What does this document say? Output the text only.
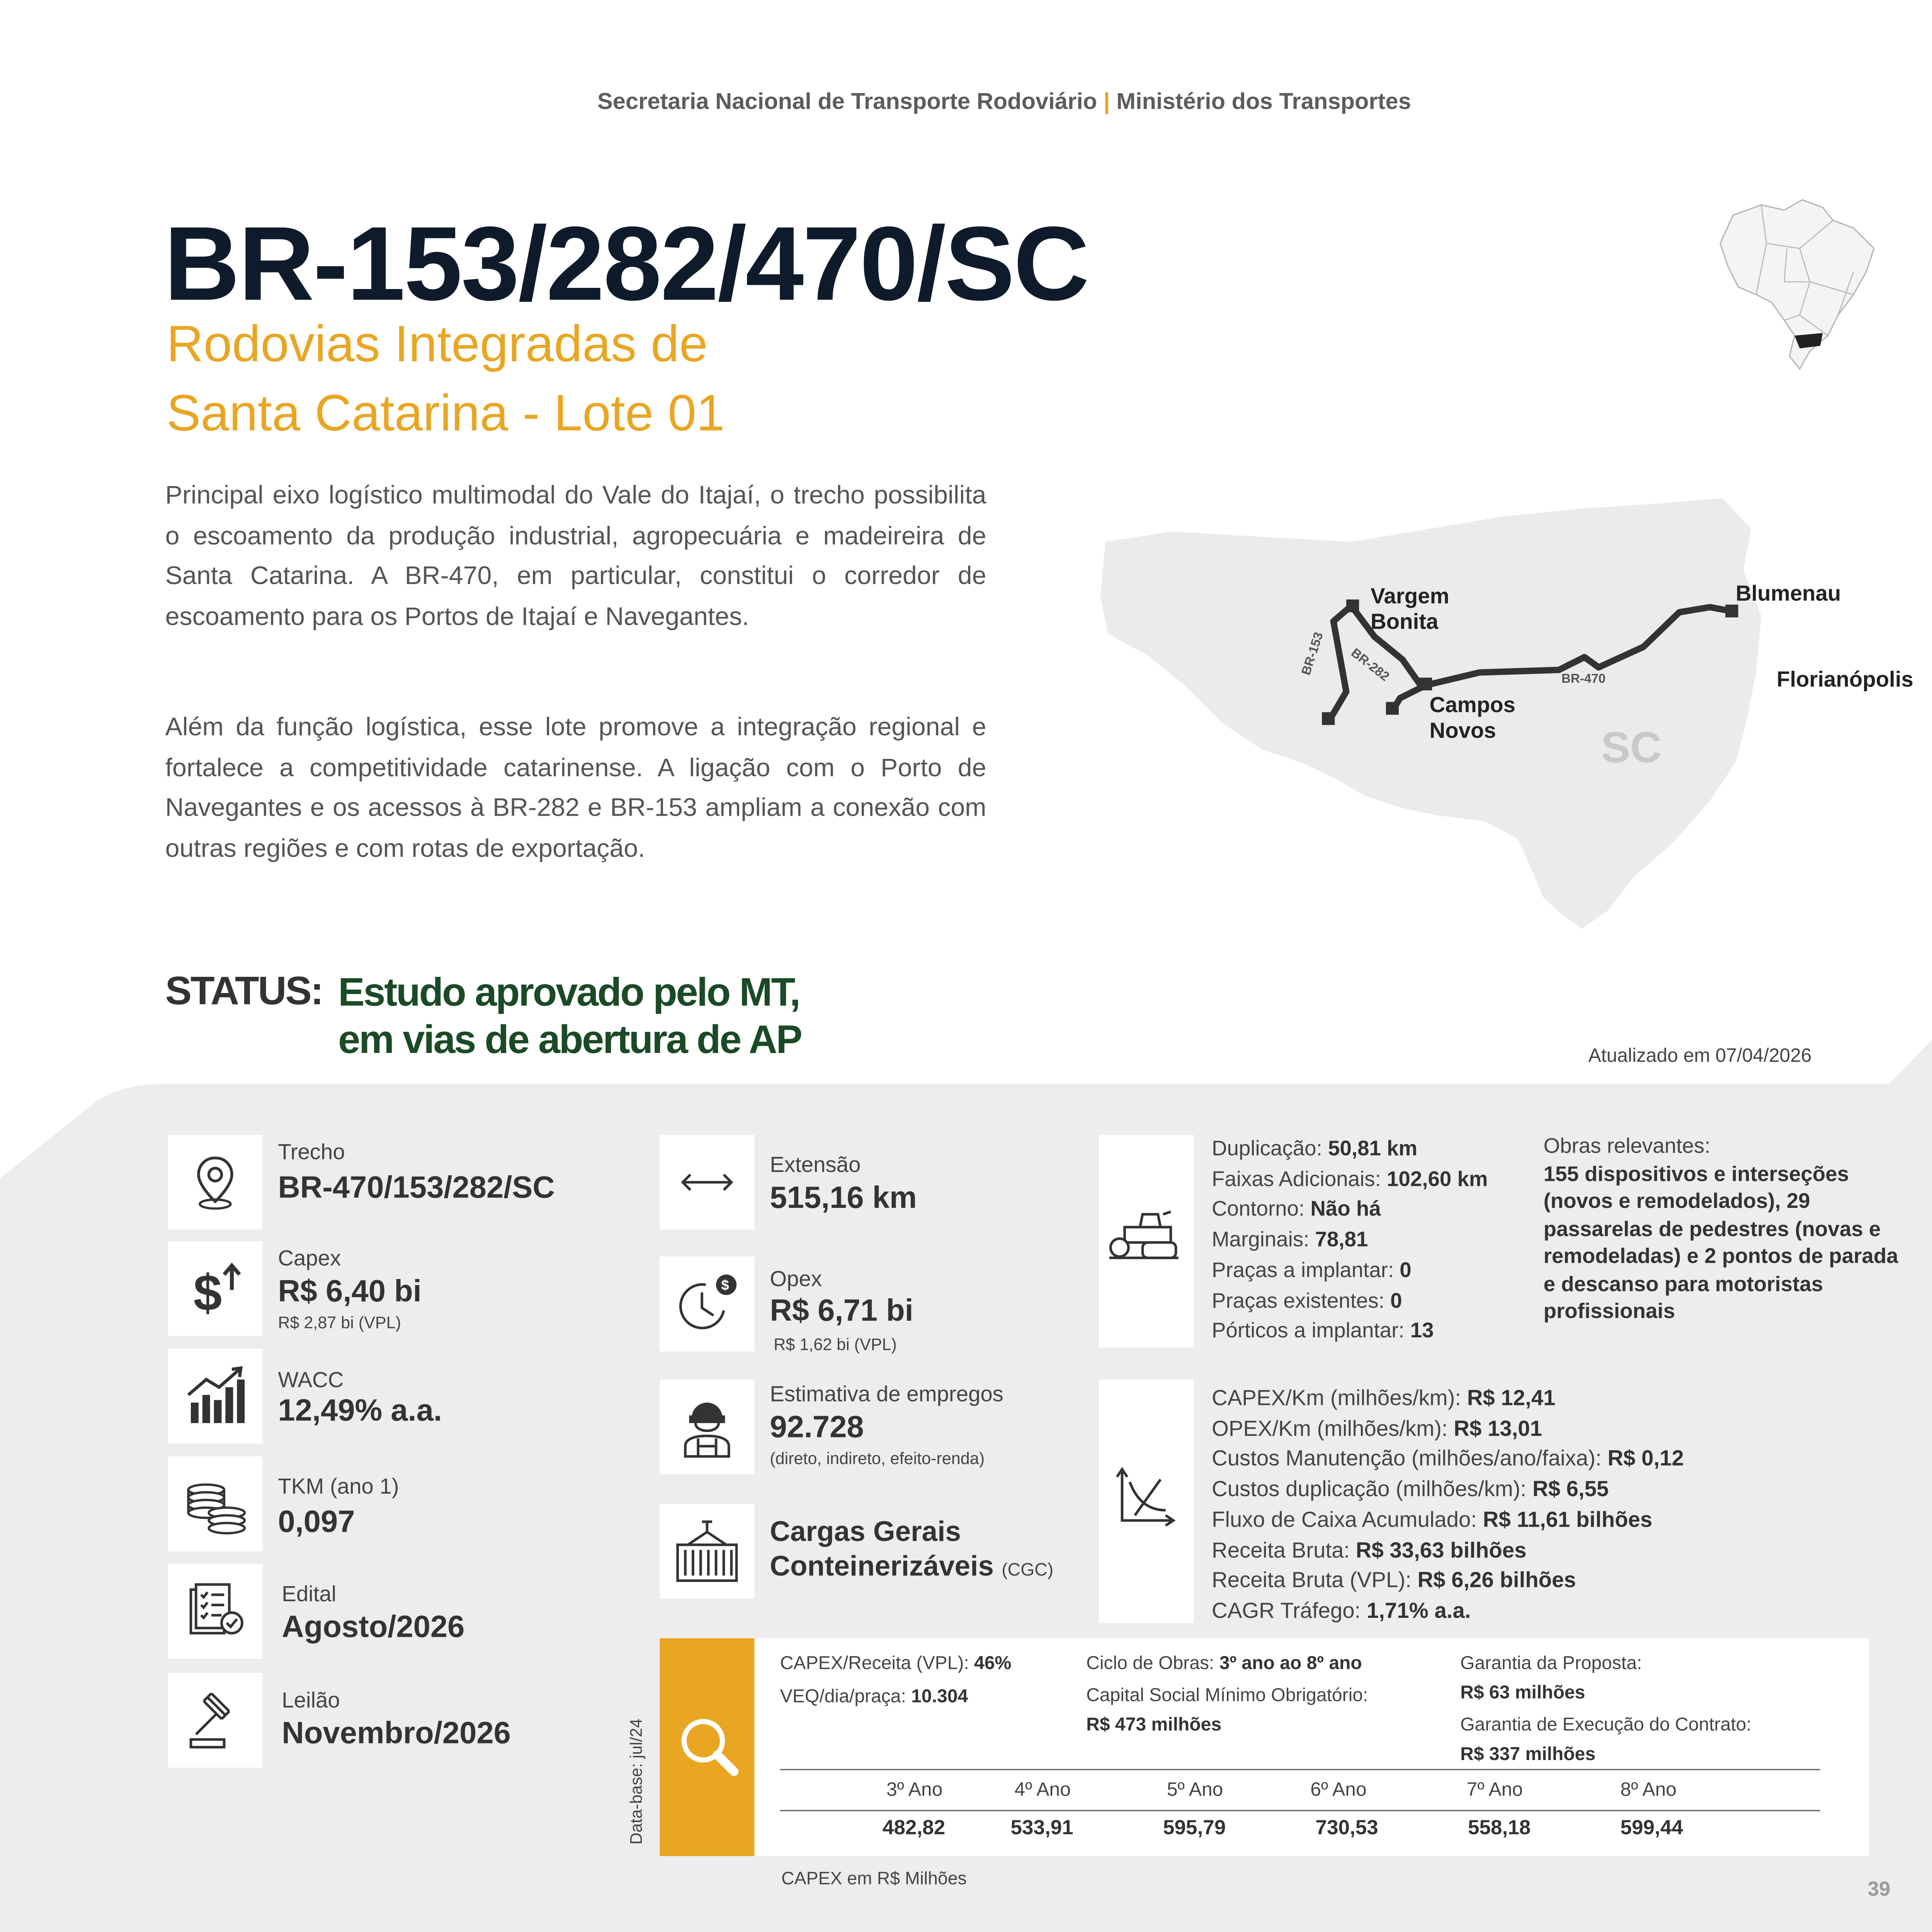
Secretaria Nacional de Transporte Rodoviário | Ministério dos Transportes
BR-153/282/470/SC
Rodovias Integradas de
Santa Catarina - Lote 01
Principal eixo logístico multimodal do Vale do Itajaí, o trecho possibilita o escoamento da produção industrial, agropecuária e madeireira de Santa Catarina. A BR-470, em particular, constitui o corredor de escoamento para os Portos de Itajaí e Navegantes.
Além da função logística, esse lote promove a integração regional e fortalece a competitividade catarinense. A ligação com o Porto de Navegantes e os acessos à BR-282 e BR-153 ampliam a conexão com outras regiões e com rotas de exportação.
Vargem
Bonita
Campos
Novos
Blumenau
Florianópolis
BR-153	BR-282	BR-470
SC
STATUS: Estudo aprovado pelo MT,
em vias de abertura de AP	Atualizado em 07/04/2026
Trecho
BR-470/153/282/SC
$
Capex
R$ 6,40 bi
R$ 2,87 bi (VPL)
WACC
12,49% a.a.
TKM (ano 1)
0,097
Edital
Agosto/2026
Leilão
Novembro/2026
Extensão
515,16 km
$	Opex
R$ 6,71 bi
R$ 1,62 bi (VPL)
Estimativa de empregos
92.728
(direto, indireto, efeito-renda)
Cargas Gerais
Conteinerizáveis (CGC)
Duplicação: 50,81 km
Faixas Adicionais: 102,60 km
Contorno: Não há
Marginais: 78,81
Praças a implantar: 0
Praças existentes: 0
Pórticos a implantar: 13
Obras relevantes:
155 dispositivos e interseções (novos e remodelados), 29 passarelas de pedestres (novas e remodeladas) e 2 pontos de parada e descanso para motoristas profissionais
CAPEX/Km (milhões/km): R$ 12,41
OPEX/Km (milhões/km): R$ 13,01
Custos Manutenção (milhões/ano/faixa): R$ 0,12
Custos duplicação (milhões/km): R$ 6,55
Fluxo de Caixa Acumulado: R$ 11,61 bilhões
Receita Bruta: R$ 33,63 bilhões
Receita Bruta (VPL): R$ 6,26 bilhões
CAGR Tráfego: 1,71% a.a.
CAPEX/Receita (VPL): 46%
VEQ/dia/praça: 10.304
Ciclo de Obras: 3º ano ao 8º ano
Capital Social Mínimo Obrigatório:
R$ 473 milhões
Garantia da Proposta:
R$ 63 milhões
Garantia de Execução do Contrato:
R$ 337 milhões
3º Ano	4º Ano	5º Ano	6º Ano	7º Ano	8º Ano
482,82	533,91	595,79	730,53	558,18	599,44
CAPEX em R$ Milhões
39
